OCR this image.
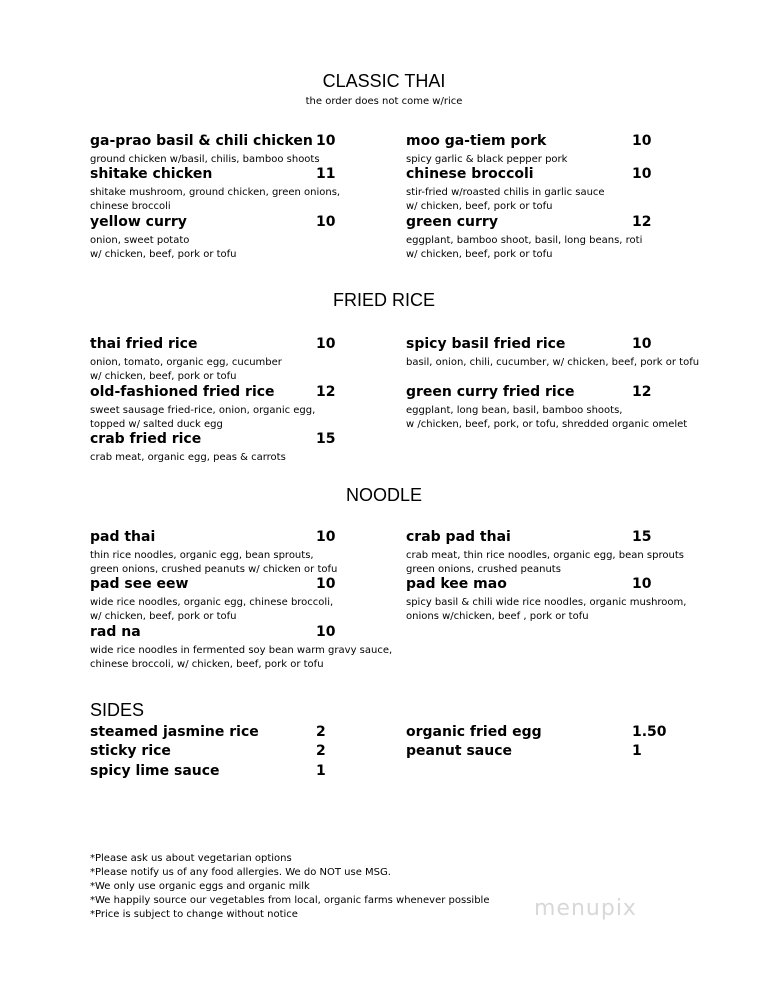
CLASSIC THAI
the order does not come w/rice
ga-prao basil & chili chicken 10
ground chicken w/basil, chilis, bamboo shoots
moo ga-tiem pork	10
spicy garlic & black pepper pork
shitake chicken	11
shitake mushroom, ground chicken, green onions,
chinese broccoli
chinese broccoli	10
stir-fried w/roasted chilis in garlic sauce
w/ chicken, beef, pork or tofu
yellow curry	10
onion, sweet potato
w/ chicken, beef, pork or tofu
green curry	12
eggplant, bamboo shoot, basil, long beans, roti
w/ chicken, beef, pork or tofu
FRIED RICE
thai fried rice	10
onion, tomato, organic egg, cucumber
w/ chicken, beef, pork or tofu
spicy basil fried rice	10
basil, onion, chili, cucumber, w/ chicken, beef, pork or tofu
old-fashioned fried rice	12
sweet sausage fried-rice, onion, organic egg,
topped w/ salted duck egg
green curry fried rice	12
eggplant, long bean, basil, bamboo shoots,
w /chicken, beef, pork, or tofu, shredded organic omelet
crab fried rice	15
crab meat, organic egg, peas & carrots
NOODLE
pad thai	10
thin rice noodles, organic egg, bean sprouts,
green onions, crushed peanuts w/ chicken or tofu
crab pad thai	15
crab meat, thin rice noodles, organic egg, bean sprouts
green onions, crushed peanuts
pad see eew	10
wide rice noodles, organic egg, chinese broccoli,
w/ chicken, beef, pork or tofu
pad kee mao	10
spicy basil & chili wide rice noodles, organic mushroom,
onions w/chicken, beef , pork or tofu
rad na	10
wide rice noodles in fermented soy bean warm gravy sauce,
chinese broccoli, w/ chicken, beef, pork or tofu
SIDES
steamed jasmine rice	2	organic fried egg	1.50
sticky rice	2	peanut sauce	1
spicy lime sauce	1
*Please ask us about vegetarian options
*Please notify us of any food allergies. We do NOT use MSG.
*We only use organic eggs and organic milk
*We happily source our vegetables from local, organic farms whenever possible
*Price is subject to change without notice	menupix
